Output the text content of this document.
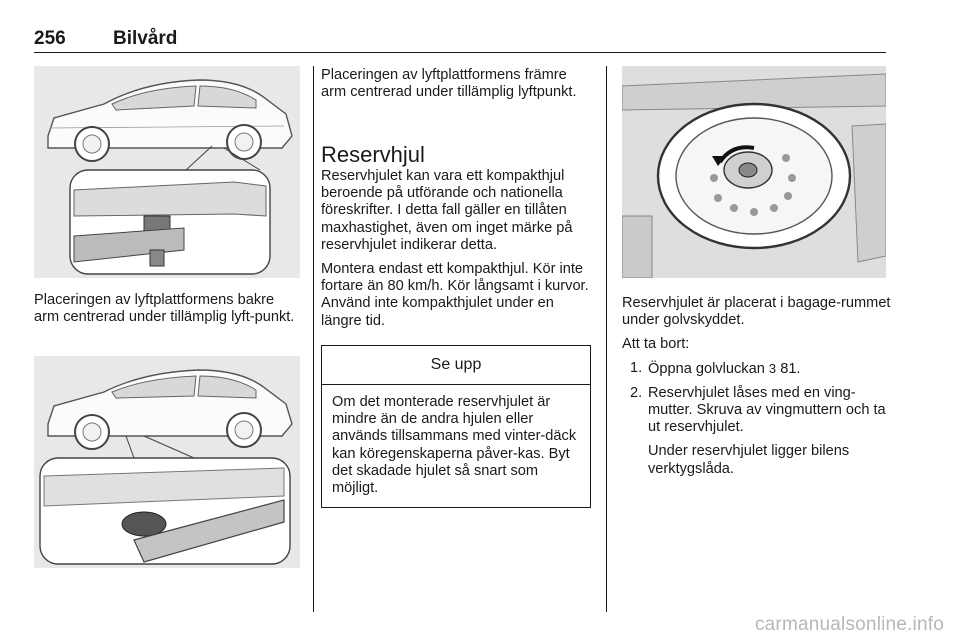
256 Bilvård

Placeringen av lyftplattformens bakre arm centrerad under tillämplig lyft-punkt.

Placeringen av lyftplattformens främre arm centrerad under tillämplig lyftpunkt.

Reservhjul

Reservhjulet kan vara ett kompakthjul beroende på utförande och nationella föreskrifter. I detta fall gäller en tillåten maxhastighet, även om inget märke på reservhjulet indikerar detta.

Montera endast ett kompakthjul. Kör inte fortare än 80 km/h. Kör långsamt i kurvor. Använd inte kompakthjulet under en längre tid.

Se upp
Om det monterade reservhjulet är mindre än de andra hjulen eller används tillsammans med vinter-däck kan köregenskaperna påver-kas. Byt det skadade hjulet så snart som möjligt.

Reservhjulet är placerat i bagage-rummet under golvskyddet.

Att ta bort:

1. Öppna golvluckan 3 81.
2. Reservhjulet låses med en ving-mutter. Skruva av vingmuttern och ta ut reservhjulet.
Under reservhjulet ligger bilens verktygslåda.
carmanualsonline.info
